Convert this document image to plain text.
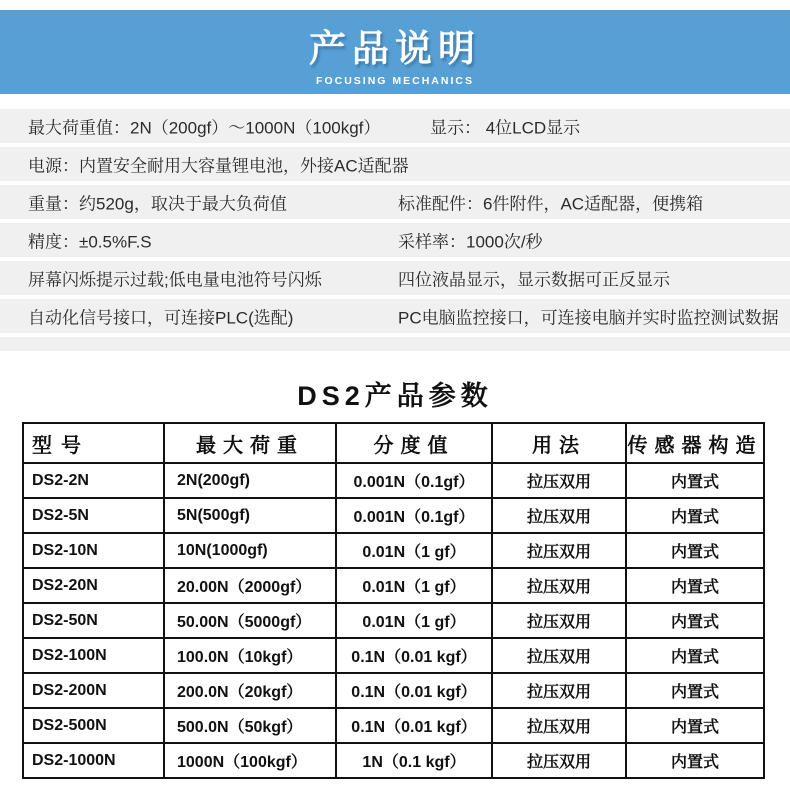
产品说明
FOCUSING MECHANICS
最大荷重值：2N（200gf）～1000N（100kgf）	显示： 4位LCD显示
电源：内置安全耐用大容量锂电池，外接AC适配器
重量：约520g，取决于最大负荷值	标准配件：6件附件，AC适配器，便携箱
精度：±0.5%F.S	采样率：1000次/秒
屏幕闪烁提示过载;低电量电池符号闪烁	四位液晶显示，显示数据可正反显示
自动化信号接口，可连接PLC(选配)	PC电脑监控接口，可连接电脑并实时监控测试数据
DS2产品参数
型号	最大荷重	分度值	用法	传感器构造
DS2-2N	2N(200gf)	0.001N（0.1gf）	拉压双用	内置式
DS2-5N	5N(500gf)	0.001N（0.1gf）	拉压双用	内置式
DS2-10N	10N(1000gf)	0.01N（1 gf）	拉压双用	内置式
DS2-20N	20.00N（2000gf）	0.01N（1 gf）	拉压双用	内置式
DS2-50N	50.00N（5000gf）	0.01N（1 gf）	拉压双用	内置式
DS2-100N	100.0N（10kgf）	0.1N（0.01 kgf）	拉压双用	内置式
DS2-200N	200.0N（20kgf）	0.1N（0.01 kgf）	拉压双用	内置式
DS2-500N	500.0N（50kgf）	0.1N（0.01 kgf）	拉压双用	内置式
DS2-1000N	1000N（100kgf）	1N（0.1 kgf）	拉压双用	内置式
